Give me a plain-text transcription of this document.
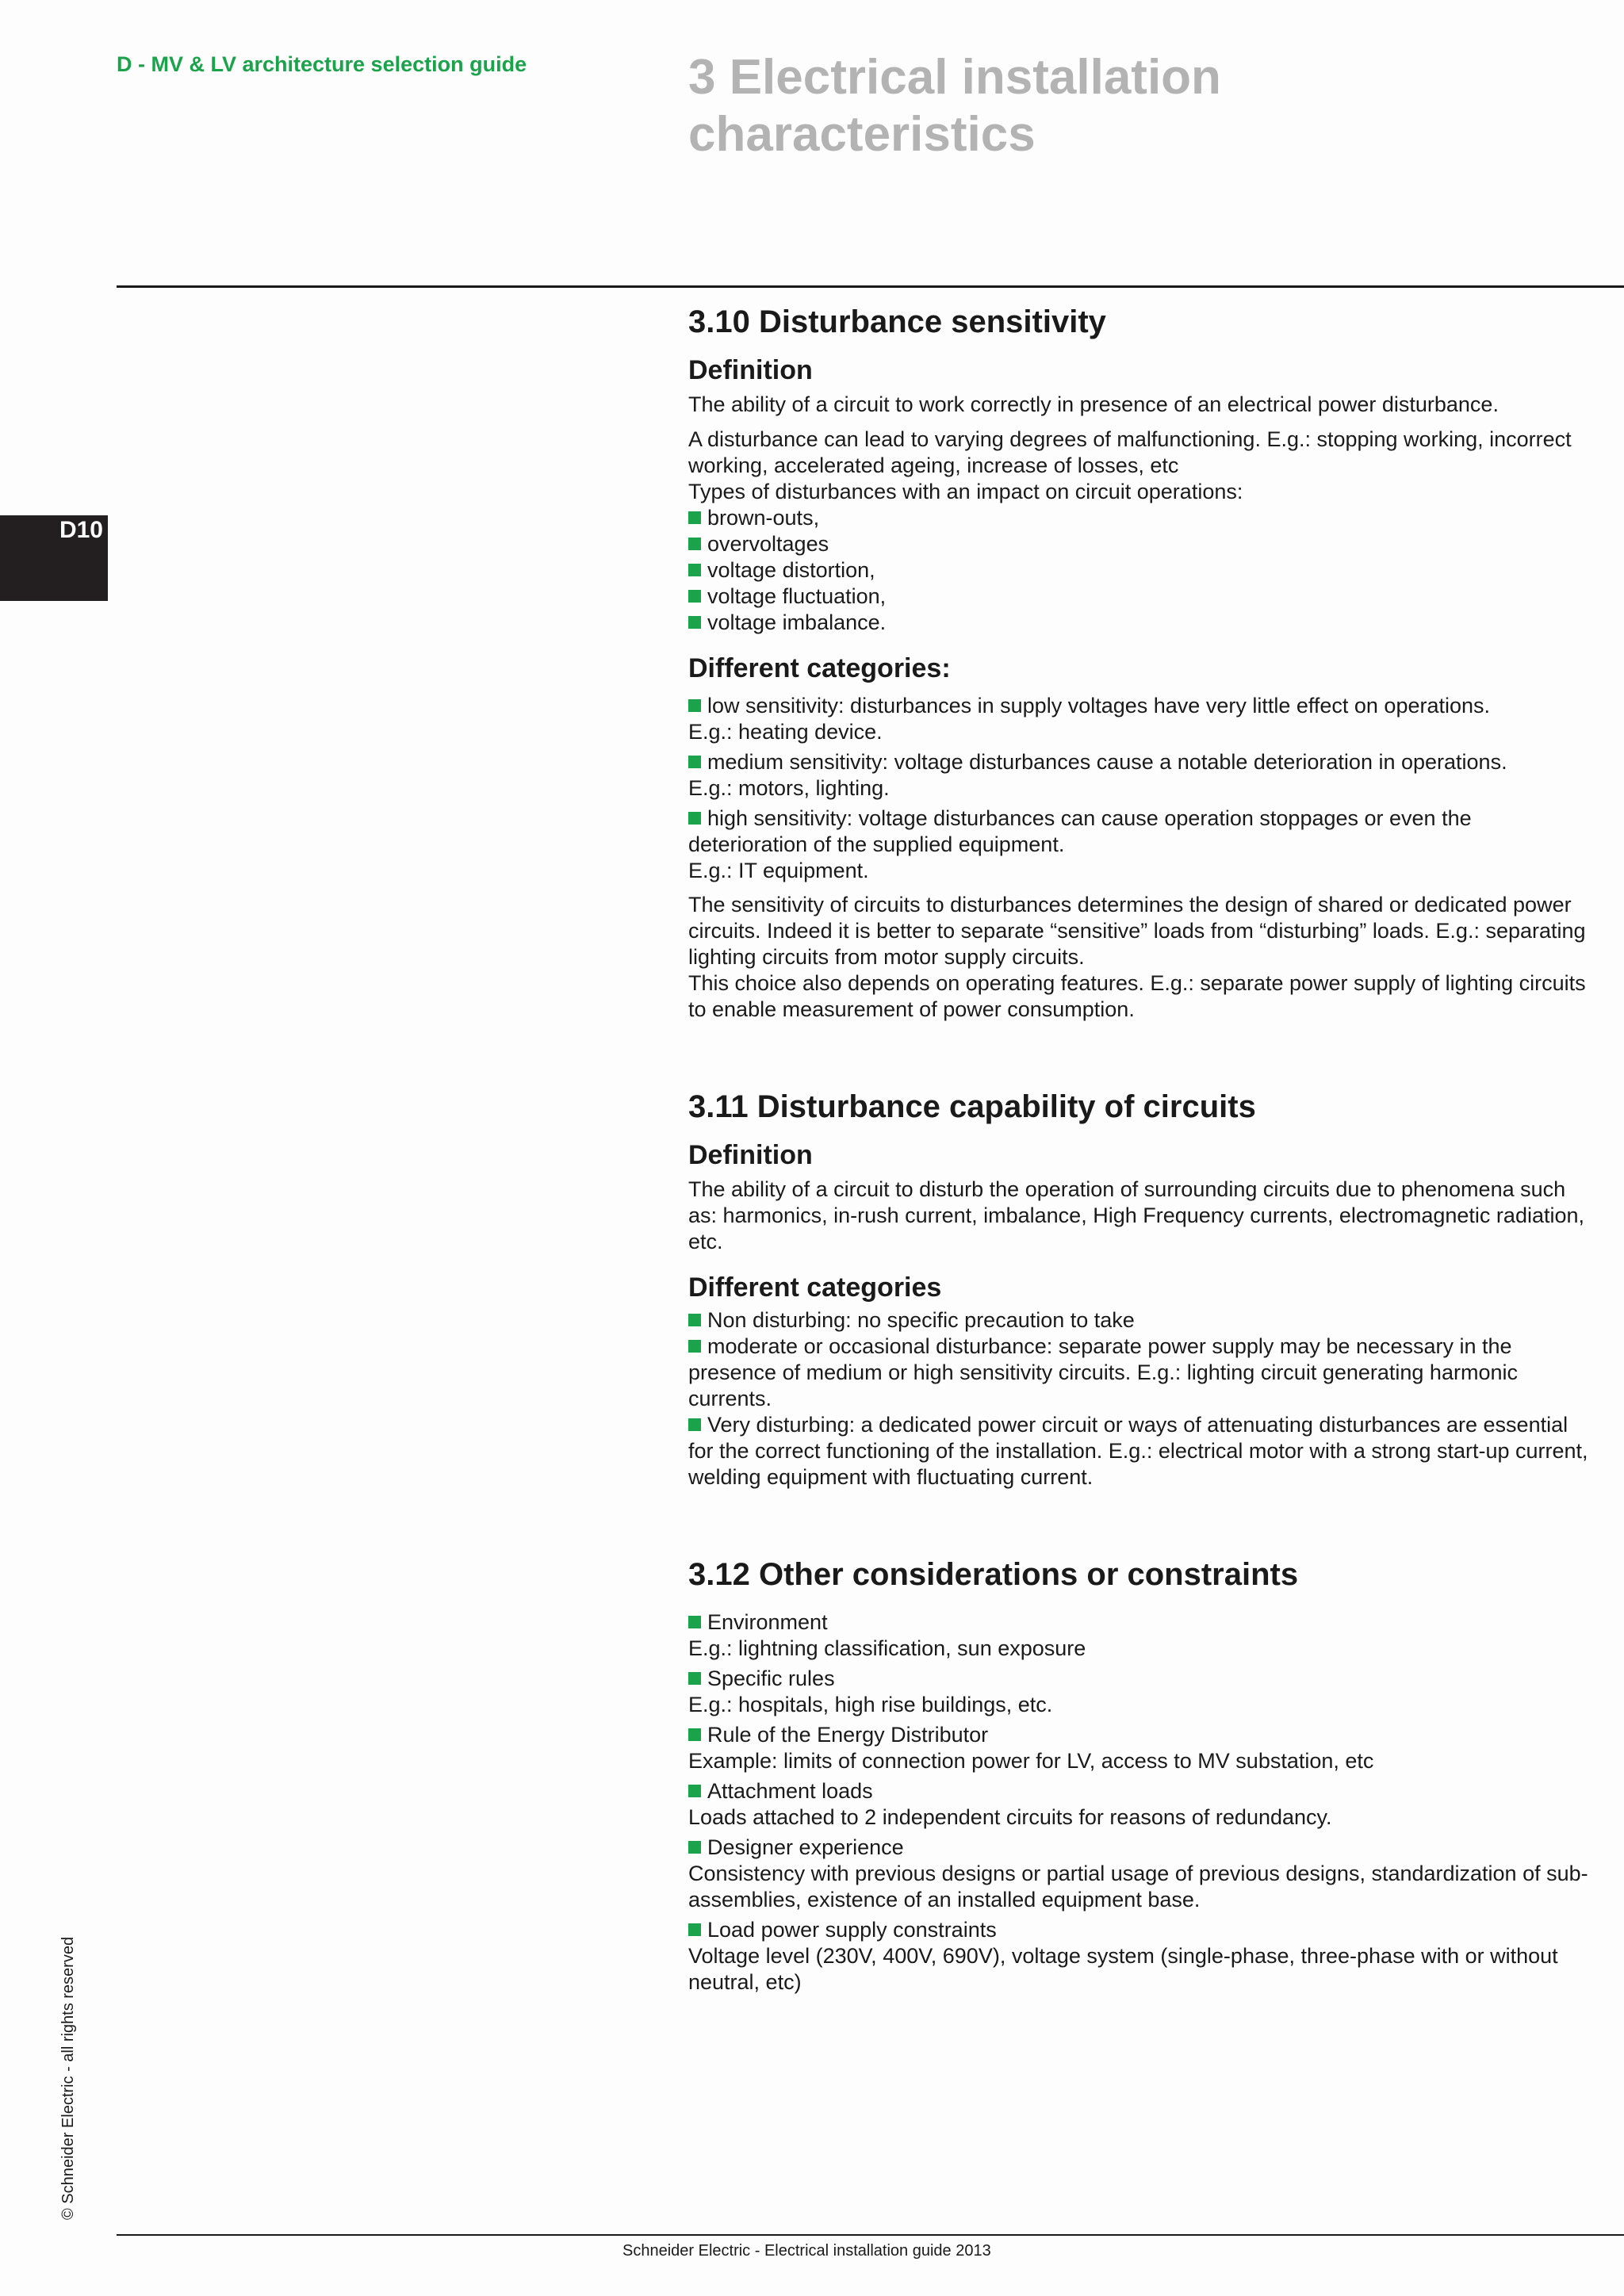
D - MV & LV architecture selection guide	3 Electrical installation
characteristics
D10
© Schneider Electric - all rights reserved
Schneider Electric - Electrical installation guide 2013
3.10 Disturbance sensitivity
Definition

The ability of a circuit to work correctly in presence of an electrical power disturbance.

A disturbance can lead to varying degrees of malfunctioning. E.g.: stopping working, incorrect working, accelerated ageing, increase of losses, etc

Types of disturbances with an impact on circuit operations:

brown-outs,
overvoltages
voltage distortion,
voltage fluctuation,
voltage imbalance.
Different categories:

low sensitivity: disturbances in supply voltages have very little effect on operations.

E.g.: heating device.

medium sensitivity: voltage disturbances cause a notable deterioration in operations.

E.g.: motors, lighting.

high sensitivity: voltage disturbances can cause operation stoppages or even the deterioration of the supplied equipment.

E.g.: IT equipment.

The sensitivity of circuits to disturbances determines the design of shared or dedicated power circuits. Indeed it is better to separate “sensitive” loads from “disturbing” loads. E.g.: separating lighting circuits from motor supply circuits.

This choice also depends on operating features. E.g.: separate power supply of lighting circuits to enable measurement of power consumption.

3.11 Disturbance capability of circuits
Definition

The ability of a circuit to disturb the operation of surrounding circuits due to phenomena such as: harmonics, in-rush current, imbalance, High Frequency currents, electromagnetic radiation, etc.

Different categories

Non disturbing: no specific precaution to take

moderate or occasional disturbance: separate power supply may be necessary in the presence of medium or high sensitivity circuits. E.g.: lighting circuit generating harmonic currents.

Very disturbing: a dedicated power circuit or ways of attenuating disturbances are essential for the correct functioning of the installation. E.g.: electrical motor with a strong start-up current, welding equipment with fluctuating current.

3.12 Other considerations or constraints

Environment

E.g.: lightning classification, sun exposure

Specific rules

E.g.: hospitals, high rise buildings, etc.

Rule of the Energy Distributor

Example: limits of connection power for LV, access to MV substation, etc

Attachment loads

Loads attached to 2 independent circuits for reasons of redundancy.

Designer experience

Consistency with previous designs or partial usage of previous designs, standardization of sub-assemblies, existence of an installed equipment base.

Load power supply constraints

Voltage level (230V, 400V, 690V), voltage system (single-phase, three-phase with or without neutral, etc)
